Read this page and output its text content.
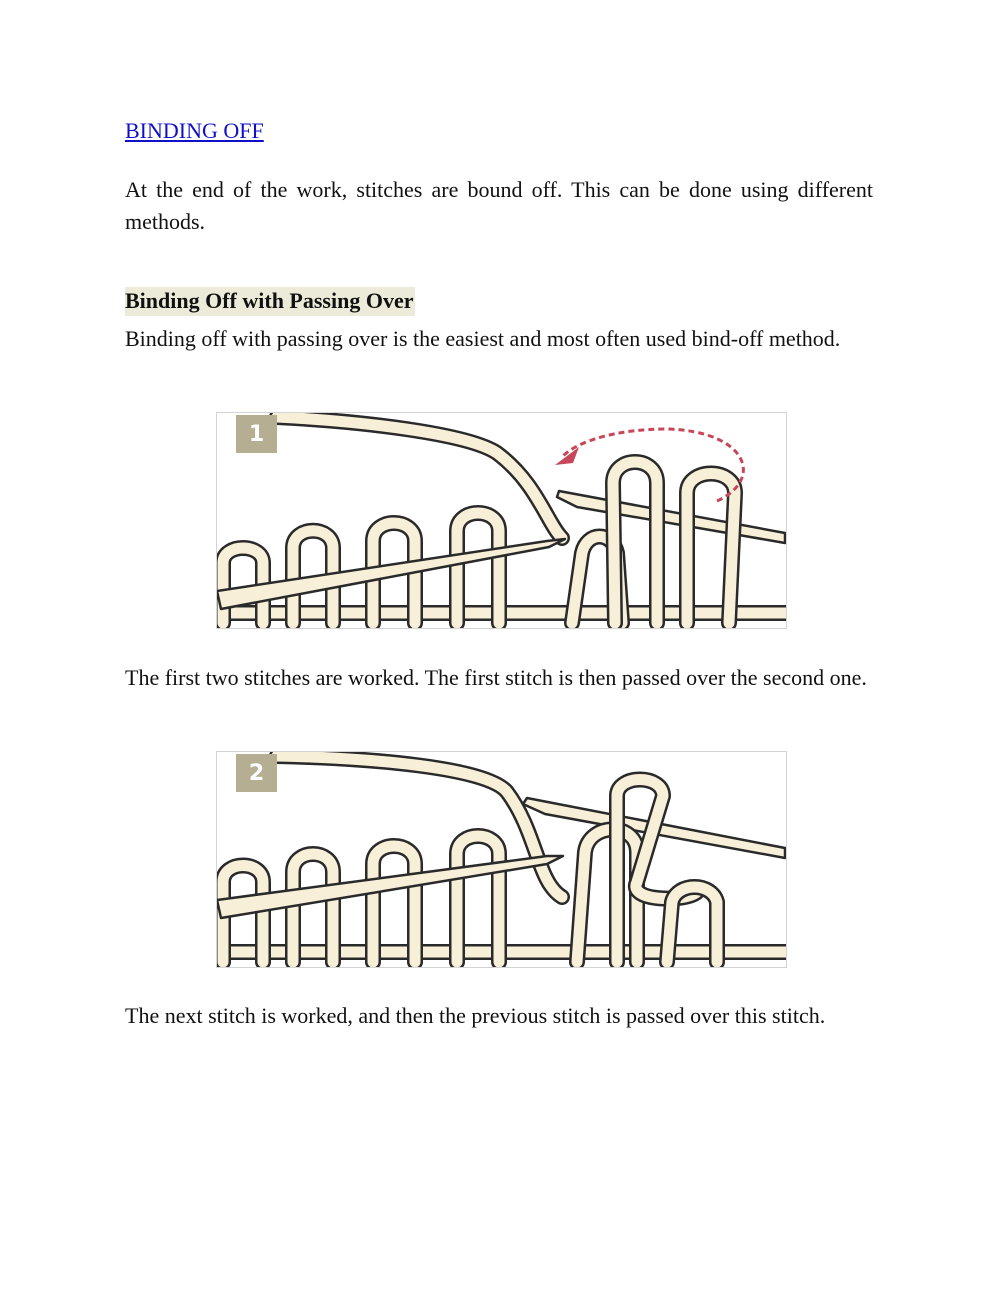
BINDING OFF

At the end of the work, stitches are bound off. This can be done using different methods.

Binding Off with Passing Over

Binding off with passing over is the easiest and most often used bind-off method.

1

The first two stitches are worked. The first stitch is then passed over the second one.

2

The next stitch is worked, and then the previous stitch is passed over this stitch.
